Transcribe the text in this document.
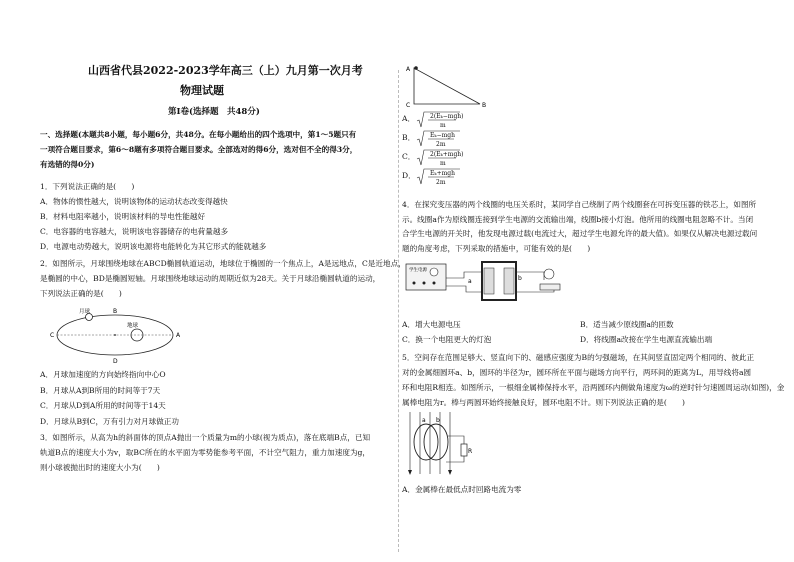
山西省代县2022-2023学年高三（上）九月第一次月考
物理试题
第Ⅰ卷(选择题　共48分)

一、选择题(本题共8小题，每小题6分，共48分。在每小题给出的四个选项中，第1～5题只有

一项符合题目要求，第6～8题有多项符合题目要求。全部选对的得6分，选对但不全的得3分，

有选错的得0分)

1．下列说法正确的是(　　)

A．物体的惯性越大，说明该物体的运动状态改变得越快

B．材料电阻率越小，说明该材料的导电性能越好

C．电容器的电容越大，说明该电容器储存的电荷量越多

D．电源电动势越大，说明该电源将电能转化为其它形式的能就越多

2．如图所示，月球围绕地球在ABCD椭圆轨道运动，地球位于椭圆的一个焦点上，A是远地点，C是近地点，

是椭圆的中心，BD是椭圆短轴。月球围绕地球运动的周期近似为28天。关于月球沿椭圆轨道的运动，

下列说法正确的是(　　)

月球
地球
C	A
B
D

A．月球加速度的方向始终指向中心O

B．月球从A到B所用的时间等于7天

C．月球从D到A所用的时间等于14天

D．月球从B到C，万有引力对月球做正功

3．如图所示，从高为h的斜面体的顶点A抛出一个质量为m的小球(视为质点)，落在底端B点，已知

轨道B点的速度大小为v，取BC所在的水平面为零势能参考平面，不计空气阻力，重力加速度为g，

则小球被抛出时的速度大小为(　　)

A
C	B
A． 2(Eₖ−mgh)
m
B． Eₖ−mgh
2m
C． 2(Eₖ+mgh)
m
D． Eₖ+mgh
2m

4．在探究变压器的两个线圈的电压关系时，某同学自己绕制了两个线圈套在可拆变压器的铁芯上，如图所

示。线圈a作为原线圈连接到学生电源的交流输出端，线圈b接小灯泡。他所用的线圈电阻忽略不计。当闭

合学生电源的开关时，他发现电源过载(电流过大，超过学生电源允许的最大值)。如果仅从解决电源过载问

题的角度考虑，下列采取的措施中，可能有效的是(　　)

学生电源
a	b
A．增大电源电压	B．适当减少原线圈a的匝数
C．换一个电阻更大的灯泡	D．将线圈a改接在学生电源直流输出端

5．空间存在范围足够大、竖直向下的、磁感应强度为B的匀强磁场，在其间竖直固定两个相同的、彼此正

对的金属细圆环a、b，圆环的半径为r，圆环所在平面与磁场方向平行，两环间的距离为L，用导线将a圆

环和电阻R相连。如图所示，一根细金属棒保持水平，沿两圆环内侧做角速度为ω的逆时针匀速圆周运动(如图)，金

属棒电阻为r。棒与两圆环始终接触良好，圆环电阻不计。则下列说法正确的是(　　)

a b
R
A．金属棒在最低点时回路电流为零
